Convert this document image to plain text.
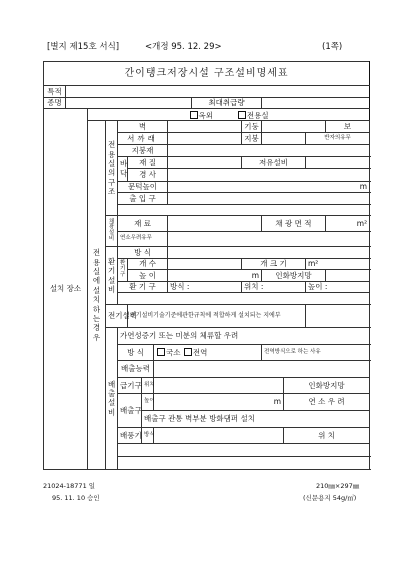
[별지 제15호 서식]	<개정 95. 12. 29>	(1쪽)
간이탱크저장시설 구조설비명세표															
특적															
종명									최대취급량						
설치 장소		옥외 전용실													
		전용실에 설치하는 경우	전용실의 구조	벽						기둥				보	
				서까래						지붕			반자의유무	
				지붕재											
				바닥	재 질					저유설비					
					경 사										
				문턱높이				m							
				출 입 구											

			채광설비	재 료							채 광 면 적			m²	
				연소우려유무											
			환기설비	방 식											
				환기구	개 수					개 크 기			m²		
					높 이			m			인화방지망				
				환 기 구				방식 :		위치 :			높이 :	

			전기설비		전기설비기술기준에관한규칙에 적합하게 설치되는 지에부										
			배출설비	가연성증기 또는 미분의 체류할 우려											
				방 식			국소 전역				전역방식으로 하는 사유				
				배출능력											
				급기구		위치						인화방지망			
				배출구		높이	m					연 소 우 려	
						배출구 관통 벽부분 방화댐퍼 설치	
				배풍기		방식						위 치			

21024-18771 일
95. 11. 10 승인
210㎜×297㎜
(신문용지 54g/㎡)
